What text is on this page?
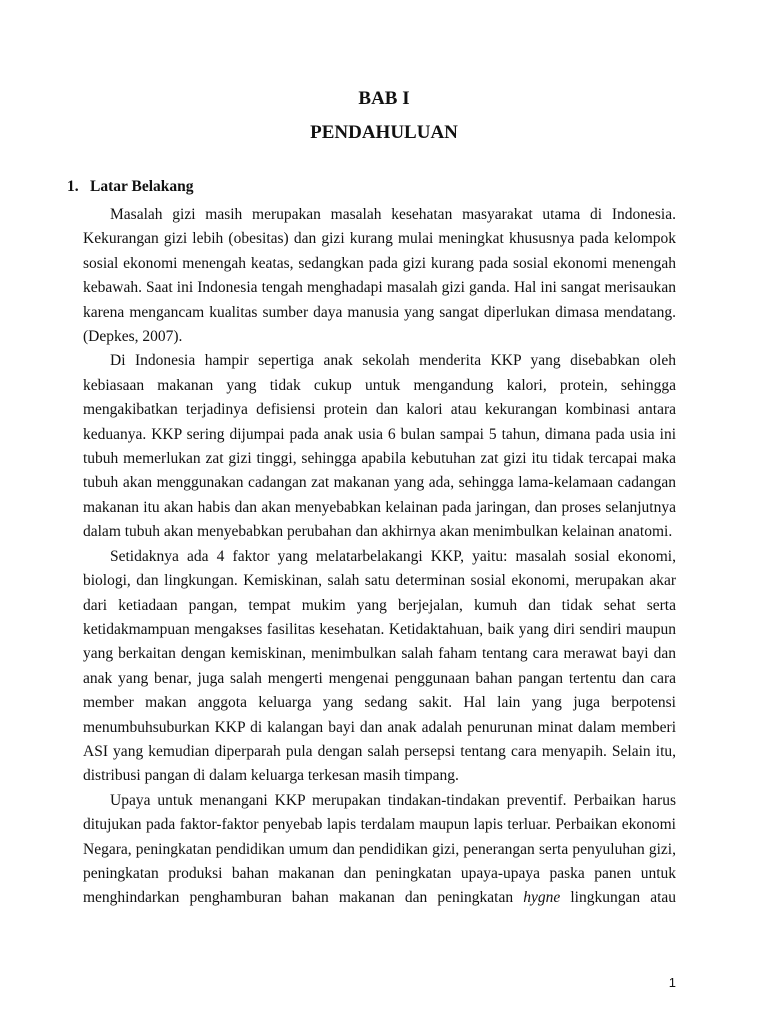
BAB I
PENDAHULUAN
1. Latar Belakang

Masalah gizi masih merupakan masalah kesehatan masyarakat utama di Indonesia. Kekurangan gizi lebih (obesitas) dan gizi kurang mulai meningkat khususnya pada kelompok sosial ekonomi menengah keatas, sedangkan pada gizi kurang pada sosial ekonomi menengah kebawah. Saat ini Indonesia tengah menghadapi masalah gizi ganda. Hal ini sangat merisaukan karena mengancam kualitas sumber daya manusia yang sangat diperlukan dimasa mendatang. (Depkes, 2007).

Di Indonesia hampir sepertiga anak sekolah menderita KKP yang disebabkan oleh kebiasaan makanan yang tidak cukup untuk mengandung kalori, protein, sehingga mengakibatkan terjadinya defisiensi protein dan kalori atau kekurangan kombinasi antara keduanya. KKP sering dijumpai pada anak usia 6 bulan sampai 5 tahun, dimana pada usia ini tubuh memerlukan zat gizi tinggi, sehingga apabila kebutuhan zat gizi itu tidak tercapai maka tubuh akan menggunakan cadangan zat makanan yang ada, sehingga lama-kelamaan cadangan makanan itu akan habis dan akan menyebabkan kelainan pada jaringan, dan proses selanjutnya dalam tubuh akan menyebabkan perubahan dan akhirnya akan menimbulkan kelainan anatomi.

Setidaknya ada 4 faktor yang melatarbelakangi KKP, yaitu: masalah sosial ekonomi, biologi, dan lingkungan. Kemiskinan, salah satu determinan sosial ekonomi, merupakan akar dari ketiadaan pangan, tempat mukim yang berjejalan, kumuh dan tidak sehat serta ketidakmampuan mengakses fasilitas kesehatan. Ketidaktahuan, baik yang diri sendiri maupun yang berkaitan dengan kemiskinan, menimbulkan salah faham tentang cara merawat bayi dan anak yang benar, juga salah mengerti mengenai penggunaan bahan pangan tertentu dan cara member makan anggota keluarga yang sedang sakit. Hal lain yang juga berpotensi menumbuhsuburkan KKP di kalangan bayi dan anak adalah penurunan minat dalam memberi ASI yang kemudian diperparah pula dengan salah persepsi tentang cara menyapih. Selain itu, distribusi pangan di dalam keluarga terkesan masih timpang.

Upaya untuk menangani KKP merupakan tindakan-tindakan preventif. Perbaikan harus ditujukan pada faktor-faktor penyebab lapis terdalam maupun lapis terluar. Perbaikan ekonomi Negara, peningkatan pendidikan umum dan pendidikan gizi, penerangan serta penyuluhan gizi, peningkatan produksi bahan makanan dan peningkatan upaya-upaya paska panen untuk menghindarkan penghamburan bahan makanan dan peningkatan hygne lingkungan atau

1
